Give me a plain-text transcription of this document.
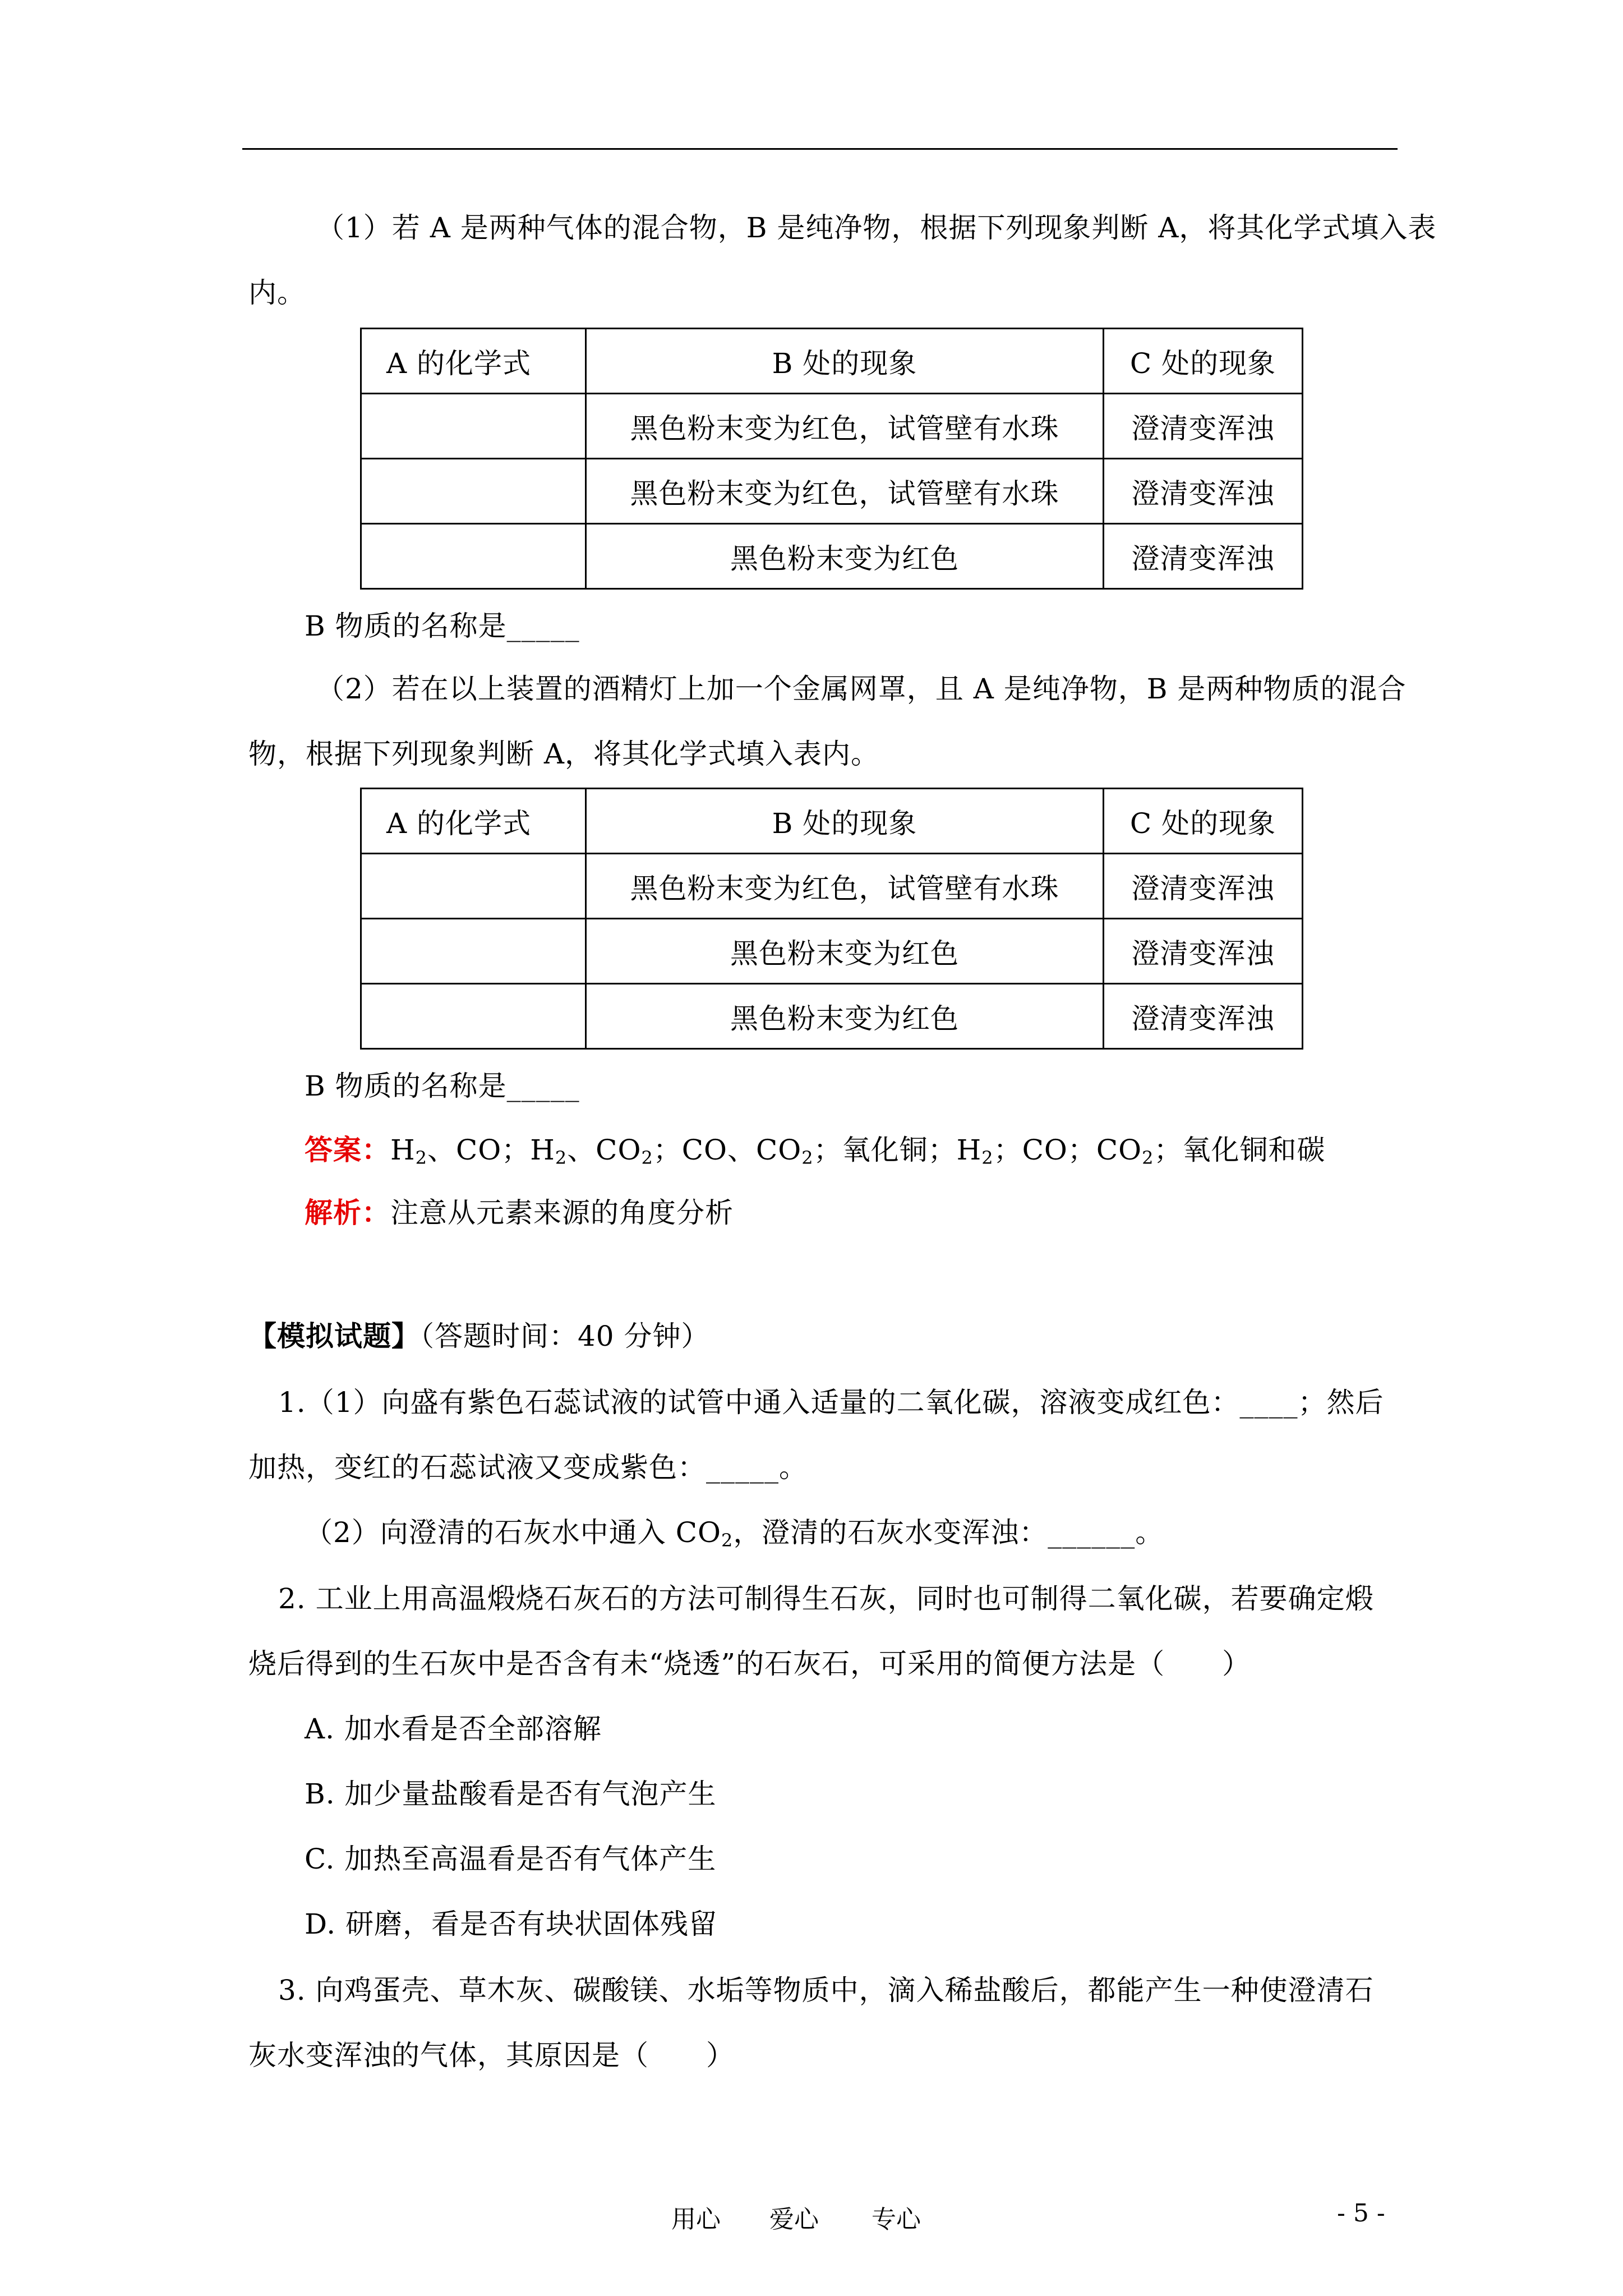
（1）若 A 是两种气体的混合物，B 是纯净物，根据下列现象判断 A，将其化学式填入表
内。
A 的化学式	B 处的现象	C 处的现象
	黑色粉末变为红色，试管壁有水珠	澄清变浑浊
	黑色粉末变为红色，试管壁有水珠	澄清变浑浊
	黑色粉末变为红色	澄清变浑浊
B 物质的名称是_____
（2）若在以上装置的酒精灯上加一个金属网罩，且 A 是纯净物，B 是两种物质的混合
物，根据下列现象判断 A，将其化学式填入表内。
A 的化学式	B 处的现象	C 处的现象
	黑色粉末变为红色，试管壁有水珠	澄清变浑浊
	黑色粉末变为红色	澄清变浑浊
	黑色粉末变为红色	澄清变浑浊
B 物质的名称是_____
答案：$H_2$、CO；$H_2$、$CO_2$；CO、$CO_2$；氧化铜；$H_2$；CO；$CO_2$；氧化铜和碳
解析：注意从元素来源的角度分析
【模拟试题】（答题时间：40 分钟）
1.（1）向盛有紫色石蕊试液的试管中通入适量的二氧化碳，溶液变成红色：____；然后
加热，变红的石蕊试液又变成紫色：_____。
（2）向澄清的石灰水中通入 $CO_2$，澄清的石灰水变浑浊：______。
2. 工业上用高温煅烧石灰石的方法可制得生石灰，同时也可制得二氧化碳，若要确定煅
烧后得到的生石灰中是否含有未“烧透”的石灰石，可采用的简便方法是（　　）
A. 加水看是否全部溶解
B. 加少量盐酸看是否有气泡产生
C. 加热至高温看是否有气体产生
D. 研磨，看是否有块状固体残留
3. 向鸡蛋壳、草木灰、碳酸镁、水垢等物质中，滴入稀盐酸后，都能产生一种使澄清石
灰水变浑浊的气体，其原因是（　　）
用心 爱心 专心	- 5 -
